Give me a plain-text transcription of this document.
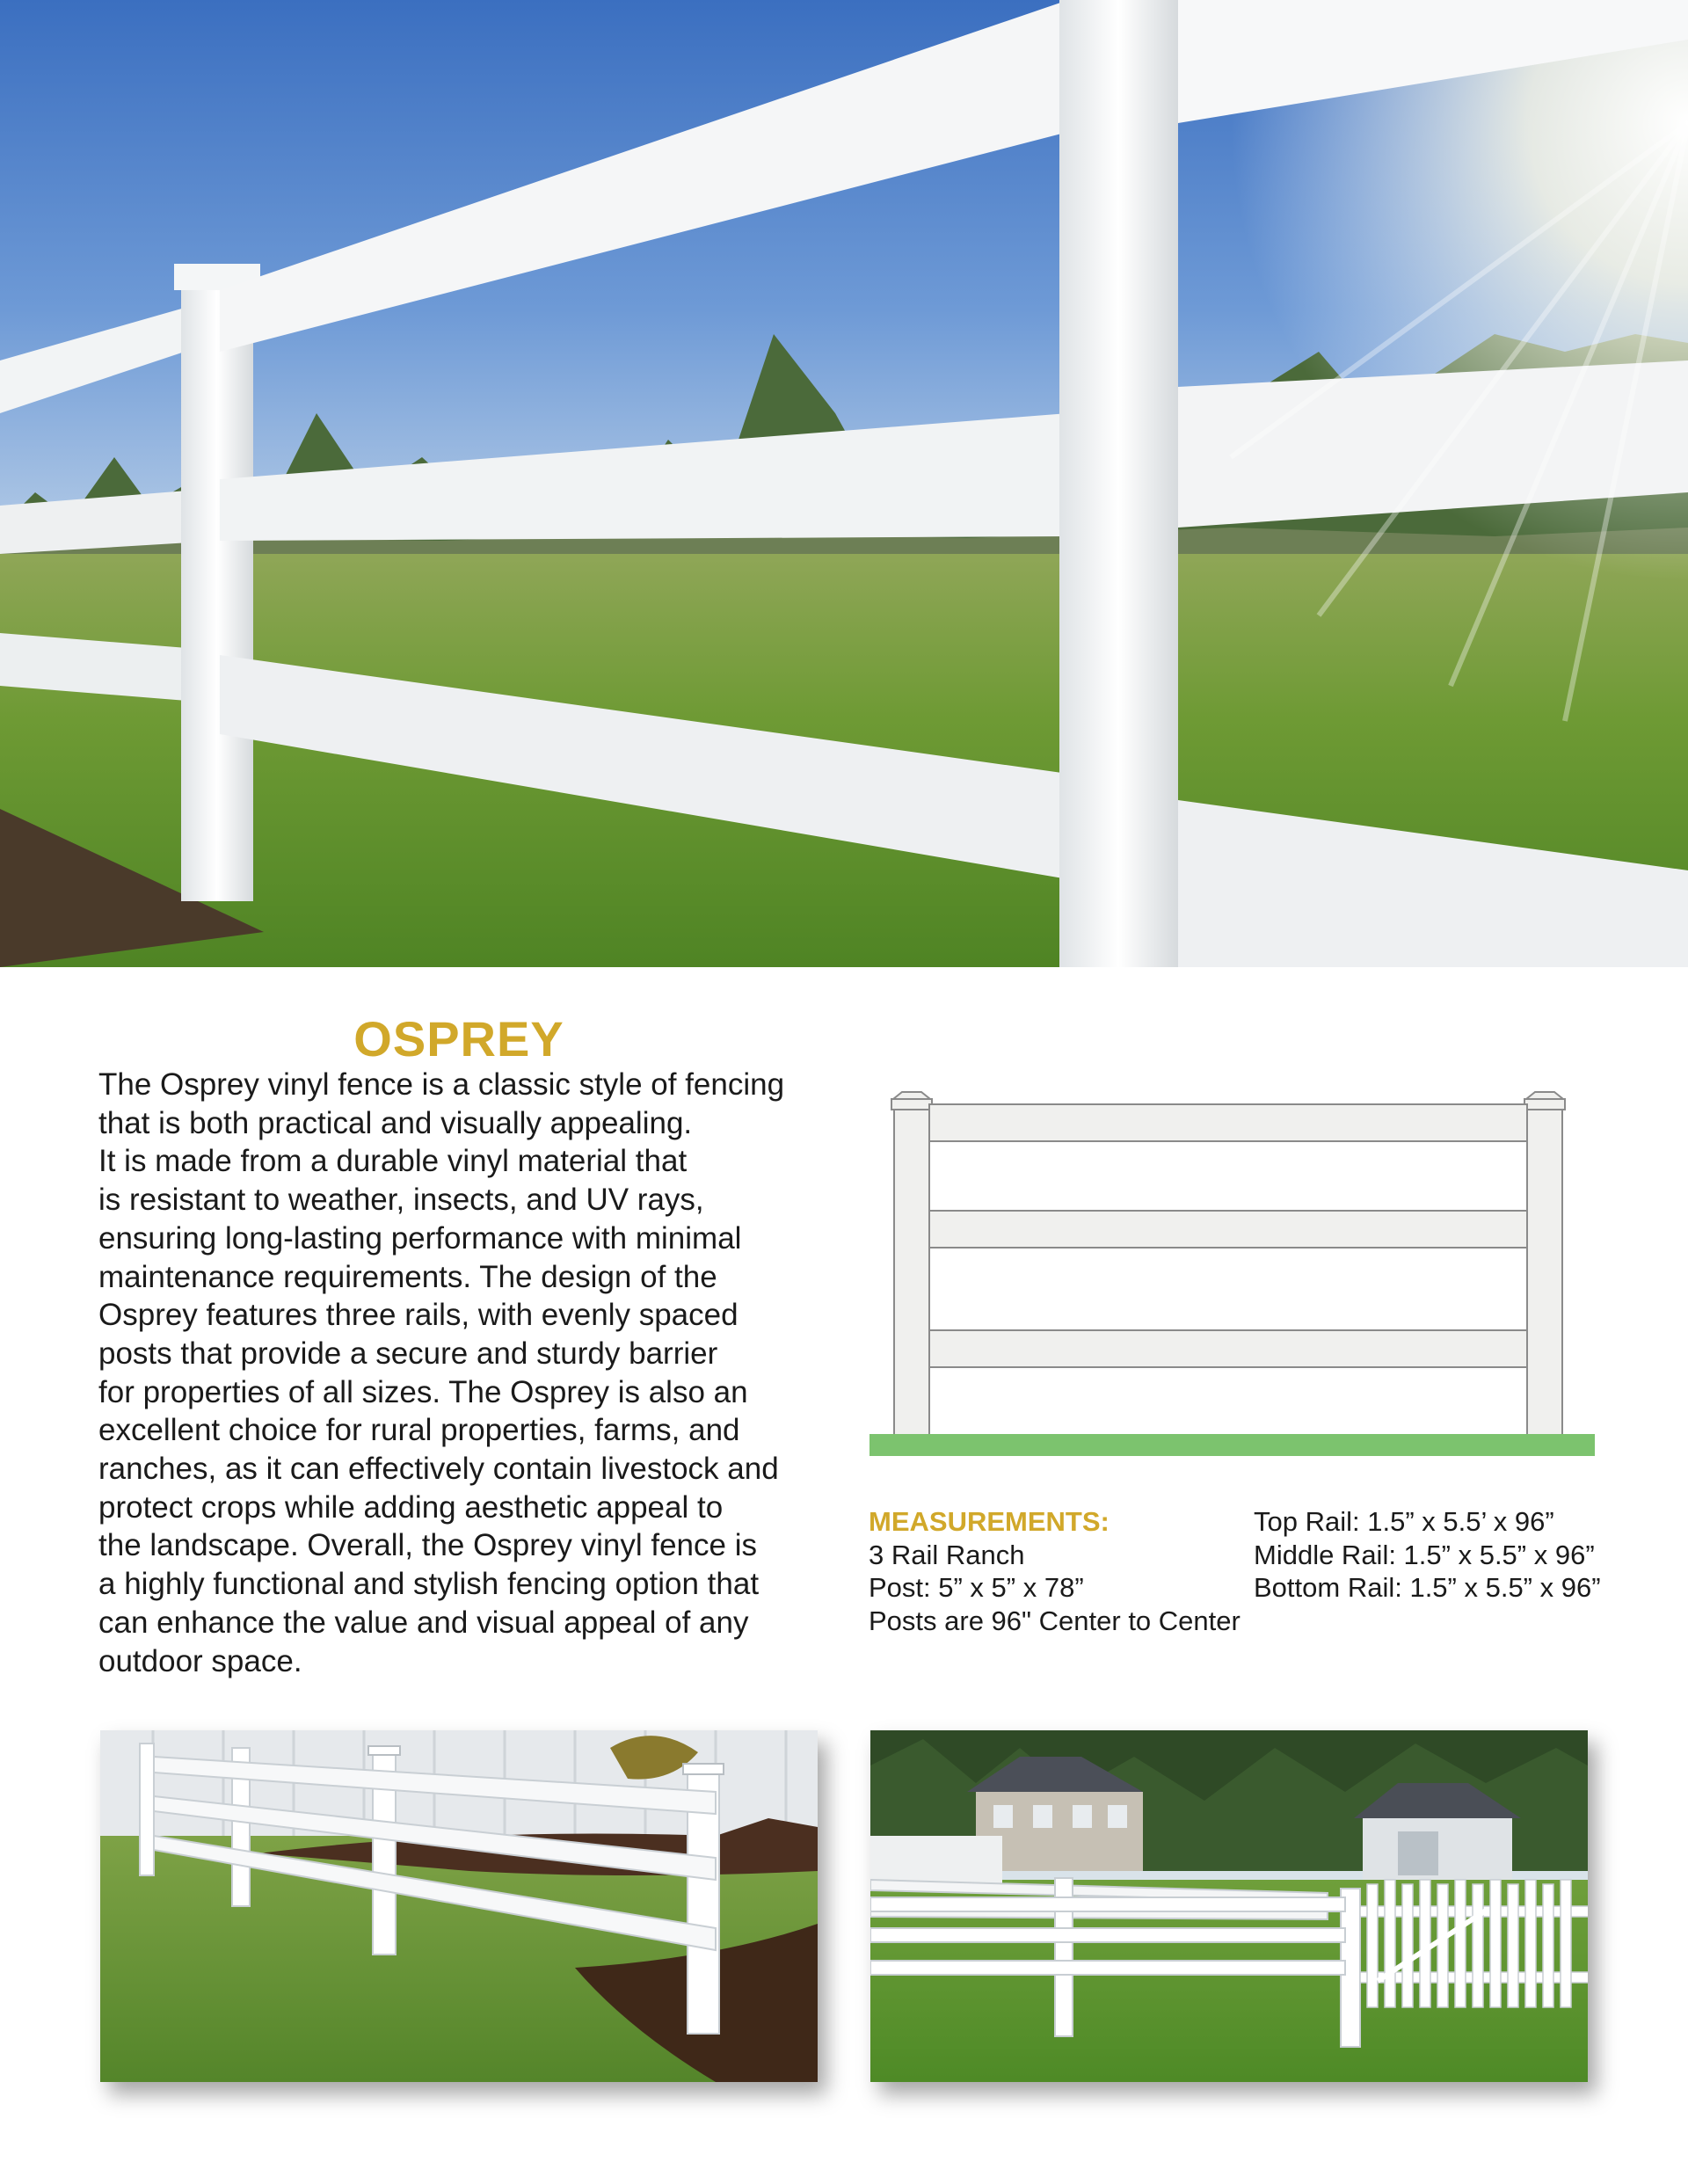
OSPREY
The Osprey vinyl fence is a classic style of fencing
that is both practical and visually appealing.
It is made from a durable vinyl material that
is resistant to weather, insects, and UV rays,
ensuring long-lasting performance with minimal
maintenance requirements. The design of the
Osprey features three rails, with evenly spaced
posts that provide a secure and sturdy barrier
for properties of all sizes. The Osprey is also an
excellent choice for rural properties, farms, and
ranches, as it can effectively contain livestock and
protect crops while adding aesthetic appeal to
the landscape. Overall, the Osprey vinyl fence is
a highly functional and stylish fencing option that
can enhance the value and visual appeal of any
outdoor space.
MEASUREMENTS:
3 Rail Ranch
Post: 5” x 5” x 78”
Posts are 96" Center to Center
Top Rail: 1.5” x 5.5’ x 96”
Middle Rail: 1.5” x 5.5” x 96”
Bottom Rail: 1.5” x 5.5” x 96”
